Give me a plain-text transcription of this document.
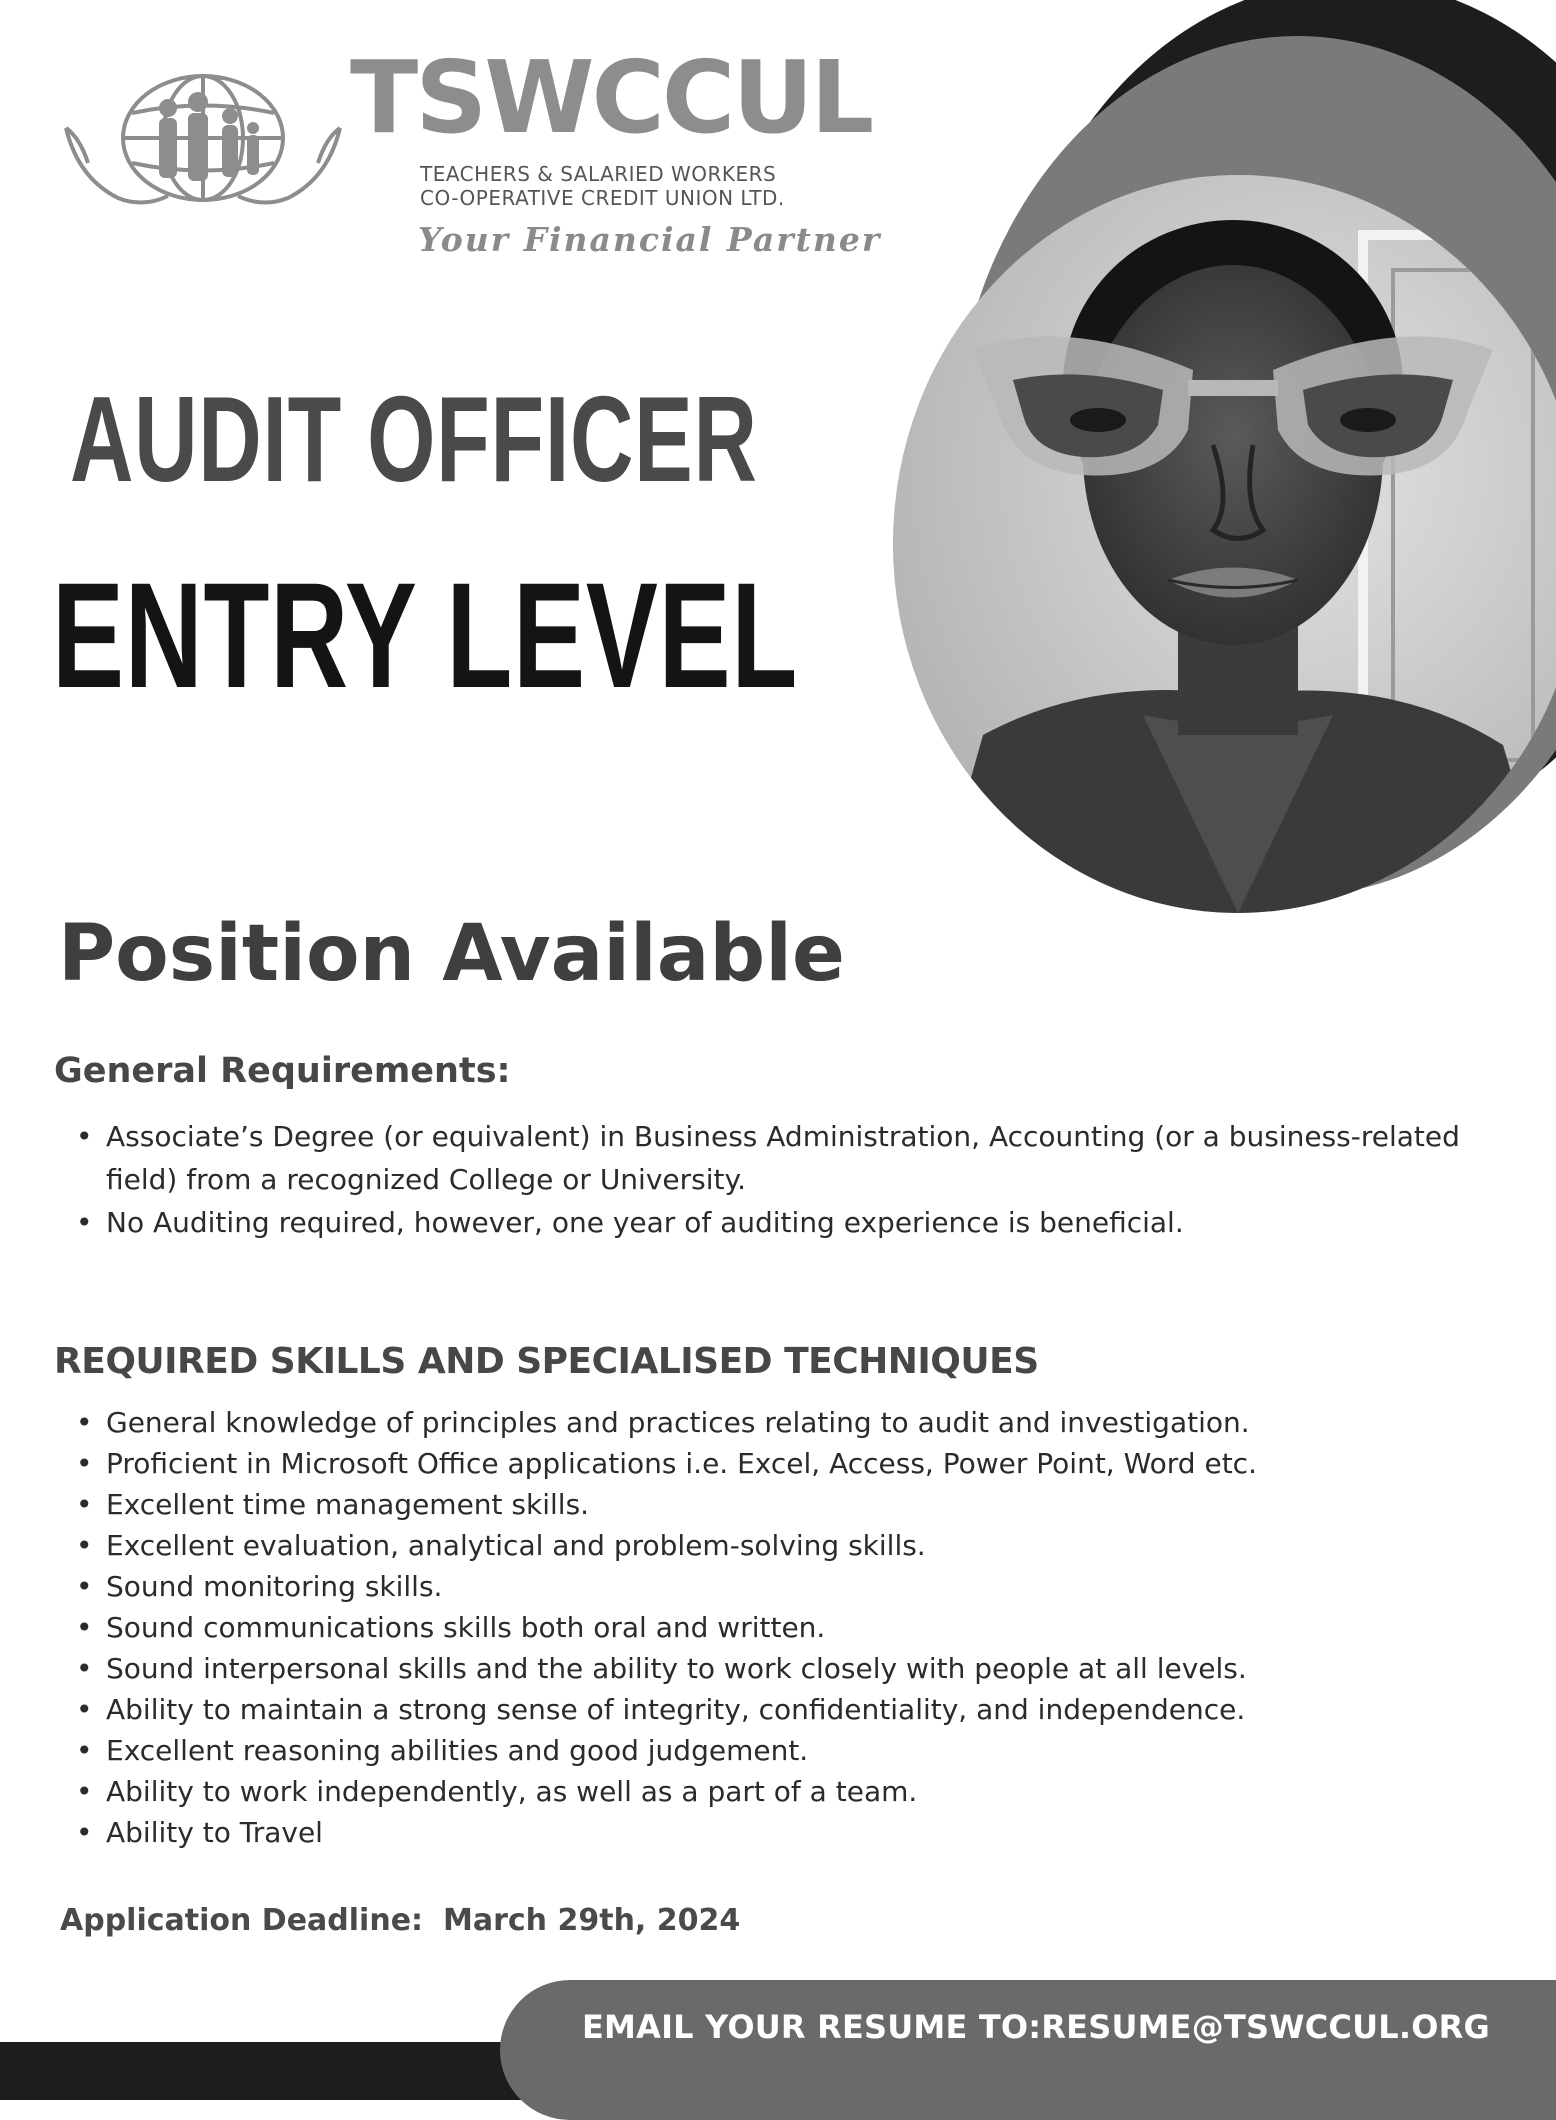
TSWCCUL
TEACHERS & SALARIED WORKERS
CO-OPERATIVE CREDIT UNION LTD.
Your Financial Partner
AUDIT OFFICER
ENTRY LEVEL
Position Available
General Requirements:
• Associate’s Degree (or equivalent) in Business Administration, Accounting (or a business-related field) from a recognized College or University.
• No Auditing required, however, one year of auditing experience is beneficial.
REQUIRED SKILLS AND SPECIALISED TECHNIQUES
• General knowledge of principles and practices relating to audit and investigation.
• Proficient in Microsoft Office applications i.e. Excel, Access, Power Point, Word etc.
• Excellent time management skills.
• Excellent evaluation, analytical and problem-solving skills.
• Sound monitoring skills.
• Sound communications skills both oral and written.
• Sound interpersonal skills and the ability to work closely with people at all levels.
• Ability to maintain a strong sense of integrity, confidentiality, and independence.
• Excellent reasoning abilities and good judgement.
• Ability to work independently, as well as a part of a team.
• Ability to Travel
Application Deadline: March 29th, 2024
EMAIL YOUR RESUME TO:RESUME@TSWCCUL.ORG
